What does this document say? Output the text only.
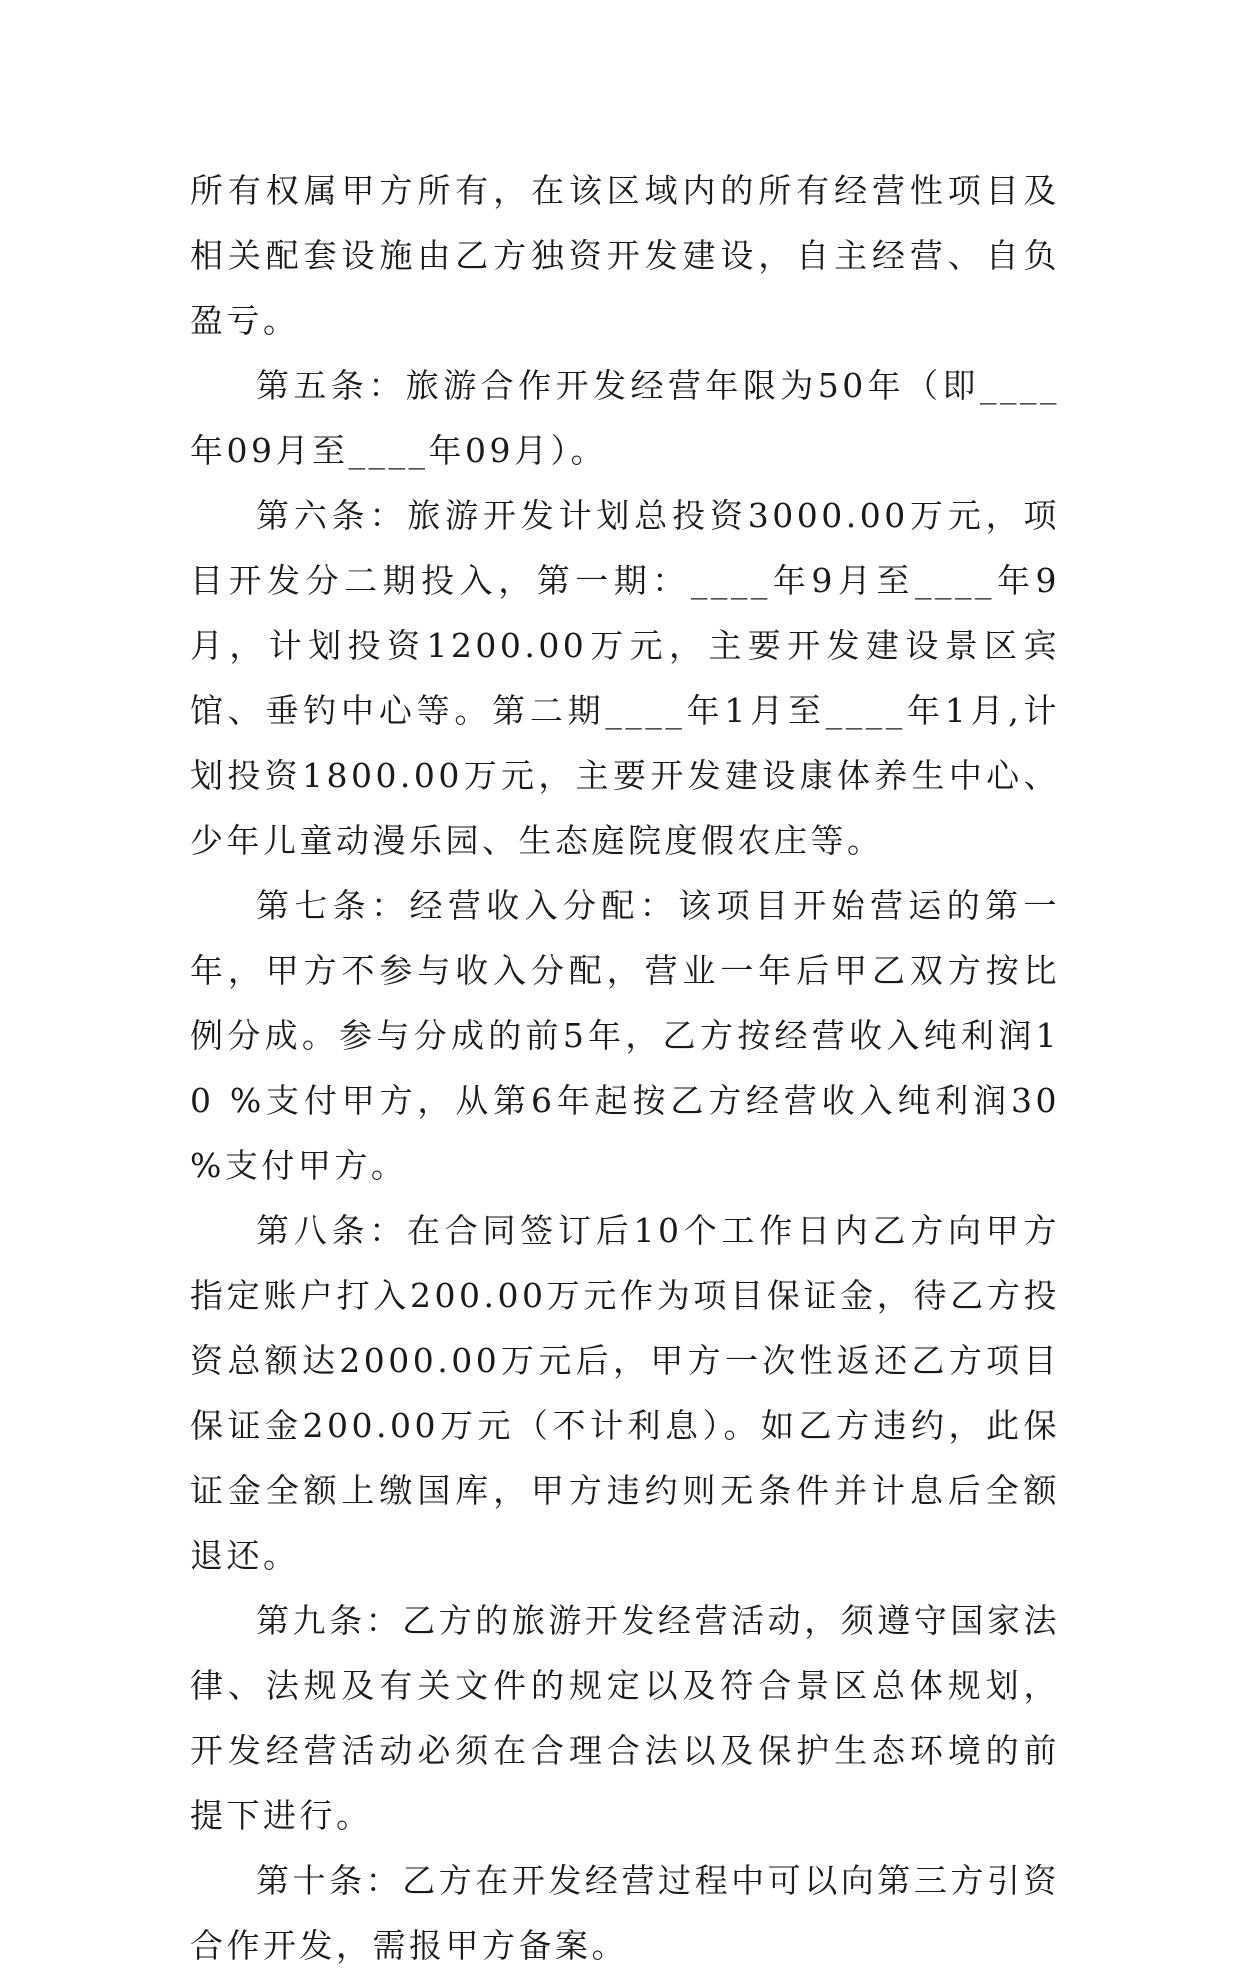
所有权属甲方所有，在该区域内的所有经营性项目及相关配套设施由乙方独资开发建设，自主经营、自负盈亏。

第五条：旅游合作开发经营年限为50年（即____年09月至____年09月）。

第六条：旅游开发计划总投资3000.00万元，项目开发分二期投入，第一期：____年9月至____年9月，计划投资1200.00万元，主要开发建设景区宾馆、垂钓中心等。第二期____年1月至____年1月,计划投资1800.00万元，主要开发建设康体养生中心、少年儿童动漫乐园、生态庭院度假农庄等。

第七条：经营收入分配：该项目开始营运的第一年，甲方不参与收入分配，营业一年后甲乙双方按比例分成。参与分成的前5年，乙方按经营收入纯利润10 %支付甲方，从第6年起按乙方经营收入纯利润30 %支付甲方。

第八条：在合同签订后10个工作日内乙方向甲方指定账户打入200.00万元作为项目保证金，待乙方投资总额达2000.00万元后，甲方一次性返还乙方项目保证金200.00万元（不计利息）。如乙方违约，此保证金全额上缴国库，甲方违约则无条件并计息后全额退还。

第九条：乙方的旅游开发经营活动，须遵守国家法律、法规及有关文件的规定以及符合景区总体规划，开发经营活动必须在合理合法以及保护生态环境的前提下进行。

第十条：乙方在开发经营过程中可以向第三方引资合作开发，需报甲方备案。
